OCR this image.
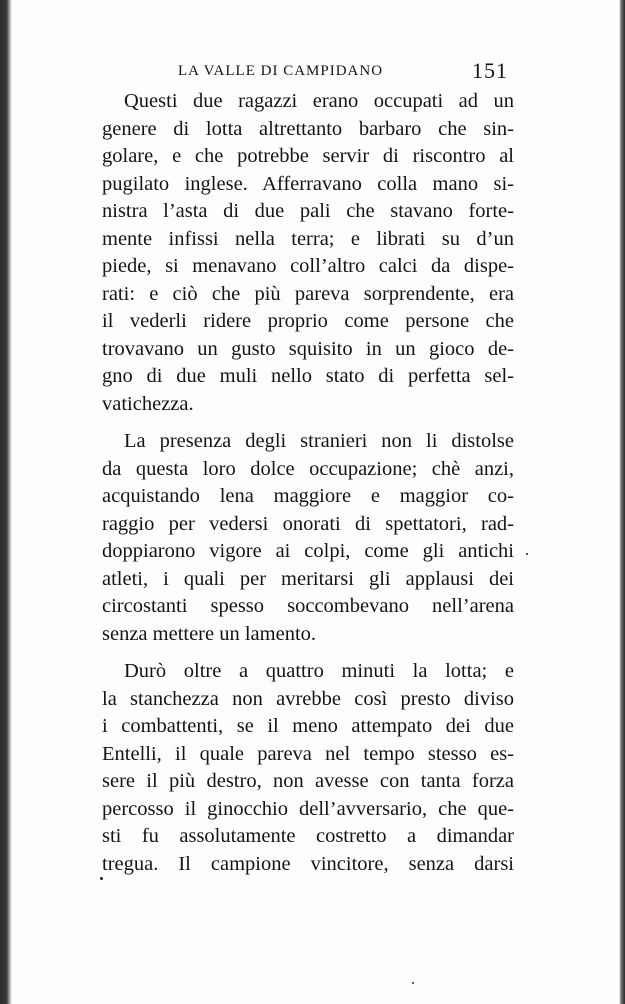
LA VALLE DI CAMPIDANO	151
Questi due ragazzi erano occupati ad un
genere di lotta altrettanto barbaro che sin-
golare, e che potrebbe servir di riscontro al
pugilato inglese. Afferravano colla mano si-
nistra l’asta di due pali che stavano forte-
mente infissi nella terra; e librati su d’un
piede, si menavano coll’altro calci da dispe-
rati: e ciò che più pareva sorprendente, era
il vederli ridere proprio come persone che
trovavano un gusto squisito in un gioco de-
gno di due muli nello stato di perfetta sel-
vatichezza.
La presenza degli stranieri non li distolse
da questa loro dolce occupazione; chè anzi,
acquistando lena maggiore e maggior co-
raggio per vedersi onorati di spettatori, rad-
doppiarono vigore ai colpi, come gli antichi
atleti, i quali per meritarsi gli applausi dei
circostanti spesso soccombevano nell’arena
senza mettere un lamento.
Durò oltre a quattro minuti la lotta; e
la stanchezza non avrebbe così presto diviso
i combattenti, se il meno attempato dei due
Entelli, il quale pareva nel tempo stesso es-
sere il più destro, non avesse con tanta forza
percosso il ginocchio dell’avversario, che que-
sti fu assolutamente costretto a dimandar
tregua. Il campione vincitore, senza darsi
